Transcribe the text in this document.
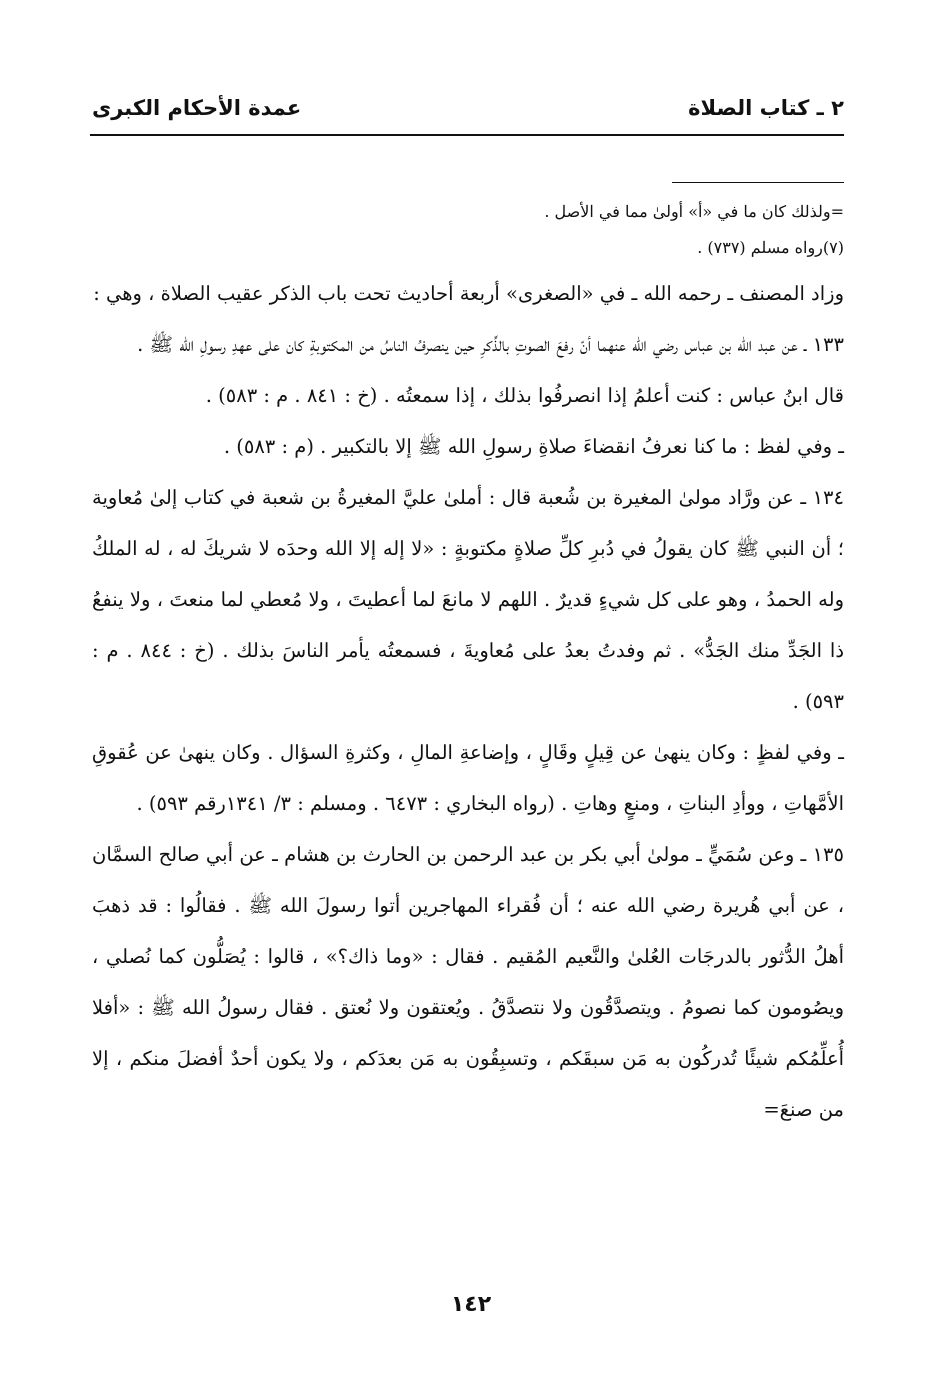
٢ ـ كتاب الصلاة
عمدة الأحكام الكبرى

=ولذلك كان ما في «أ» أولىٰ مما في الأصل .

(٧)رواه مسلم (٧٣٧) .

وزاد المصنف ـ رحمه الله ـ في «الصغرى» أربعة أحاديث تحت باب الذكر عقيب الصلاة ، وهي :

١٣٣ ـ عن عبد الله بن عباس رضي الله عنهما أنّ رفعَ الصوتِ بالذِّكرِ حين ينصرفُ الناسُ من المكتوبةِ كان على عهدِ رسولِ الله ﷺ .

قال ابنُ عباس : كنت أعلمُ إذا انصرفُوا بذلك ، إذا سمعتُه . (خ : ٨٤١ . م : ٥٨٣) .

ـ وفي لفظ : ما كنا نعرفُ انقضاءَ صلاةِ رسولِ الله ﷺ إلا بالتكبير . (م : ٥٨٣) .

١٣٤ ـ عن ورَّاد مولىٰ المغيرة بن شُعبة قال : أملىٰ عليَّ المغيرةُ بن شعبة في كتاب إلىٰ مُعاوية ؛ أن النبي ﷺ كان يقولُ في دُبرِ كلِّ صلاةٍ مكتوبةٍ : «لا إله إلا الله وحدَه لا شريكَ له ، له الملكُ وله الحمدُ ، وهو على كل شيءٍ قديرٌ . اللهم لا مانعَ لما أعطيتَ ، ولا مُعطي لما منعتَ ، ولا ينفعُ ذا الجَدِّ منك الجَدُّ» . ثم وفدتُ بعدُ على مُعاويةَ ، فسمعتُه يأمر الناسَ بذلك . (خ : ٨٤٤ . م : ٥٩٣) .

ـ وفي لفظٍ : وكان ينهىٰ عن قِيلٍ وقَالٍ ، وإضاعةِ المالِ ، وكثرةِ السؤال . وكان ينهىٰ عن عُقوقِ الأمَّهاتِ ، ووأدِ البناتِ ، ومنعٍ وهاتِ . (رواه البخاري : ٦٤٧٣ . ومسلم : ٣/ ١٣٤١رقم ٥٩٣) .

١٣٥ ـ وعن سُمَيٍّ ـ مولىٰ أبي بكر بن عبد الرحمن بن الحارث بن هشام ـ عن أبي صالح السمَّان ، عن أبي هُريرة رضي الله عنه ؛ أن فُقراء المهاجرين أتوا رسولَ الله ﷺ . فقالُوا : قد ذهبَ أهلُ الدُّثور بالدرجَات العُلىٰ والنَّعيم المُقيم . فقال : «وما ذاك؟» ، قالوا : يُصَلُّون كما نُصلي ، ويصُومون كما نصومُ . ويتصدَّقُون ولا نتصدَّقُ . ويُعتقون ولا نُعتق . فقال رسولُ الله ﷺ : «أفلا أُعلِّمُكم شيئًا تُدركُون به مَن سبقَكم ، وتسبِقُون به مَن بعدَكم ، ولا يكون أحدٌ أفضلَ منكم ، إلا من صنعَ=

١٤٢
